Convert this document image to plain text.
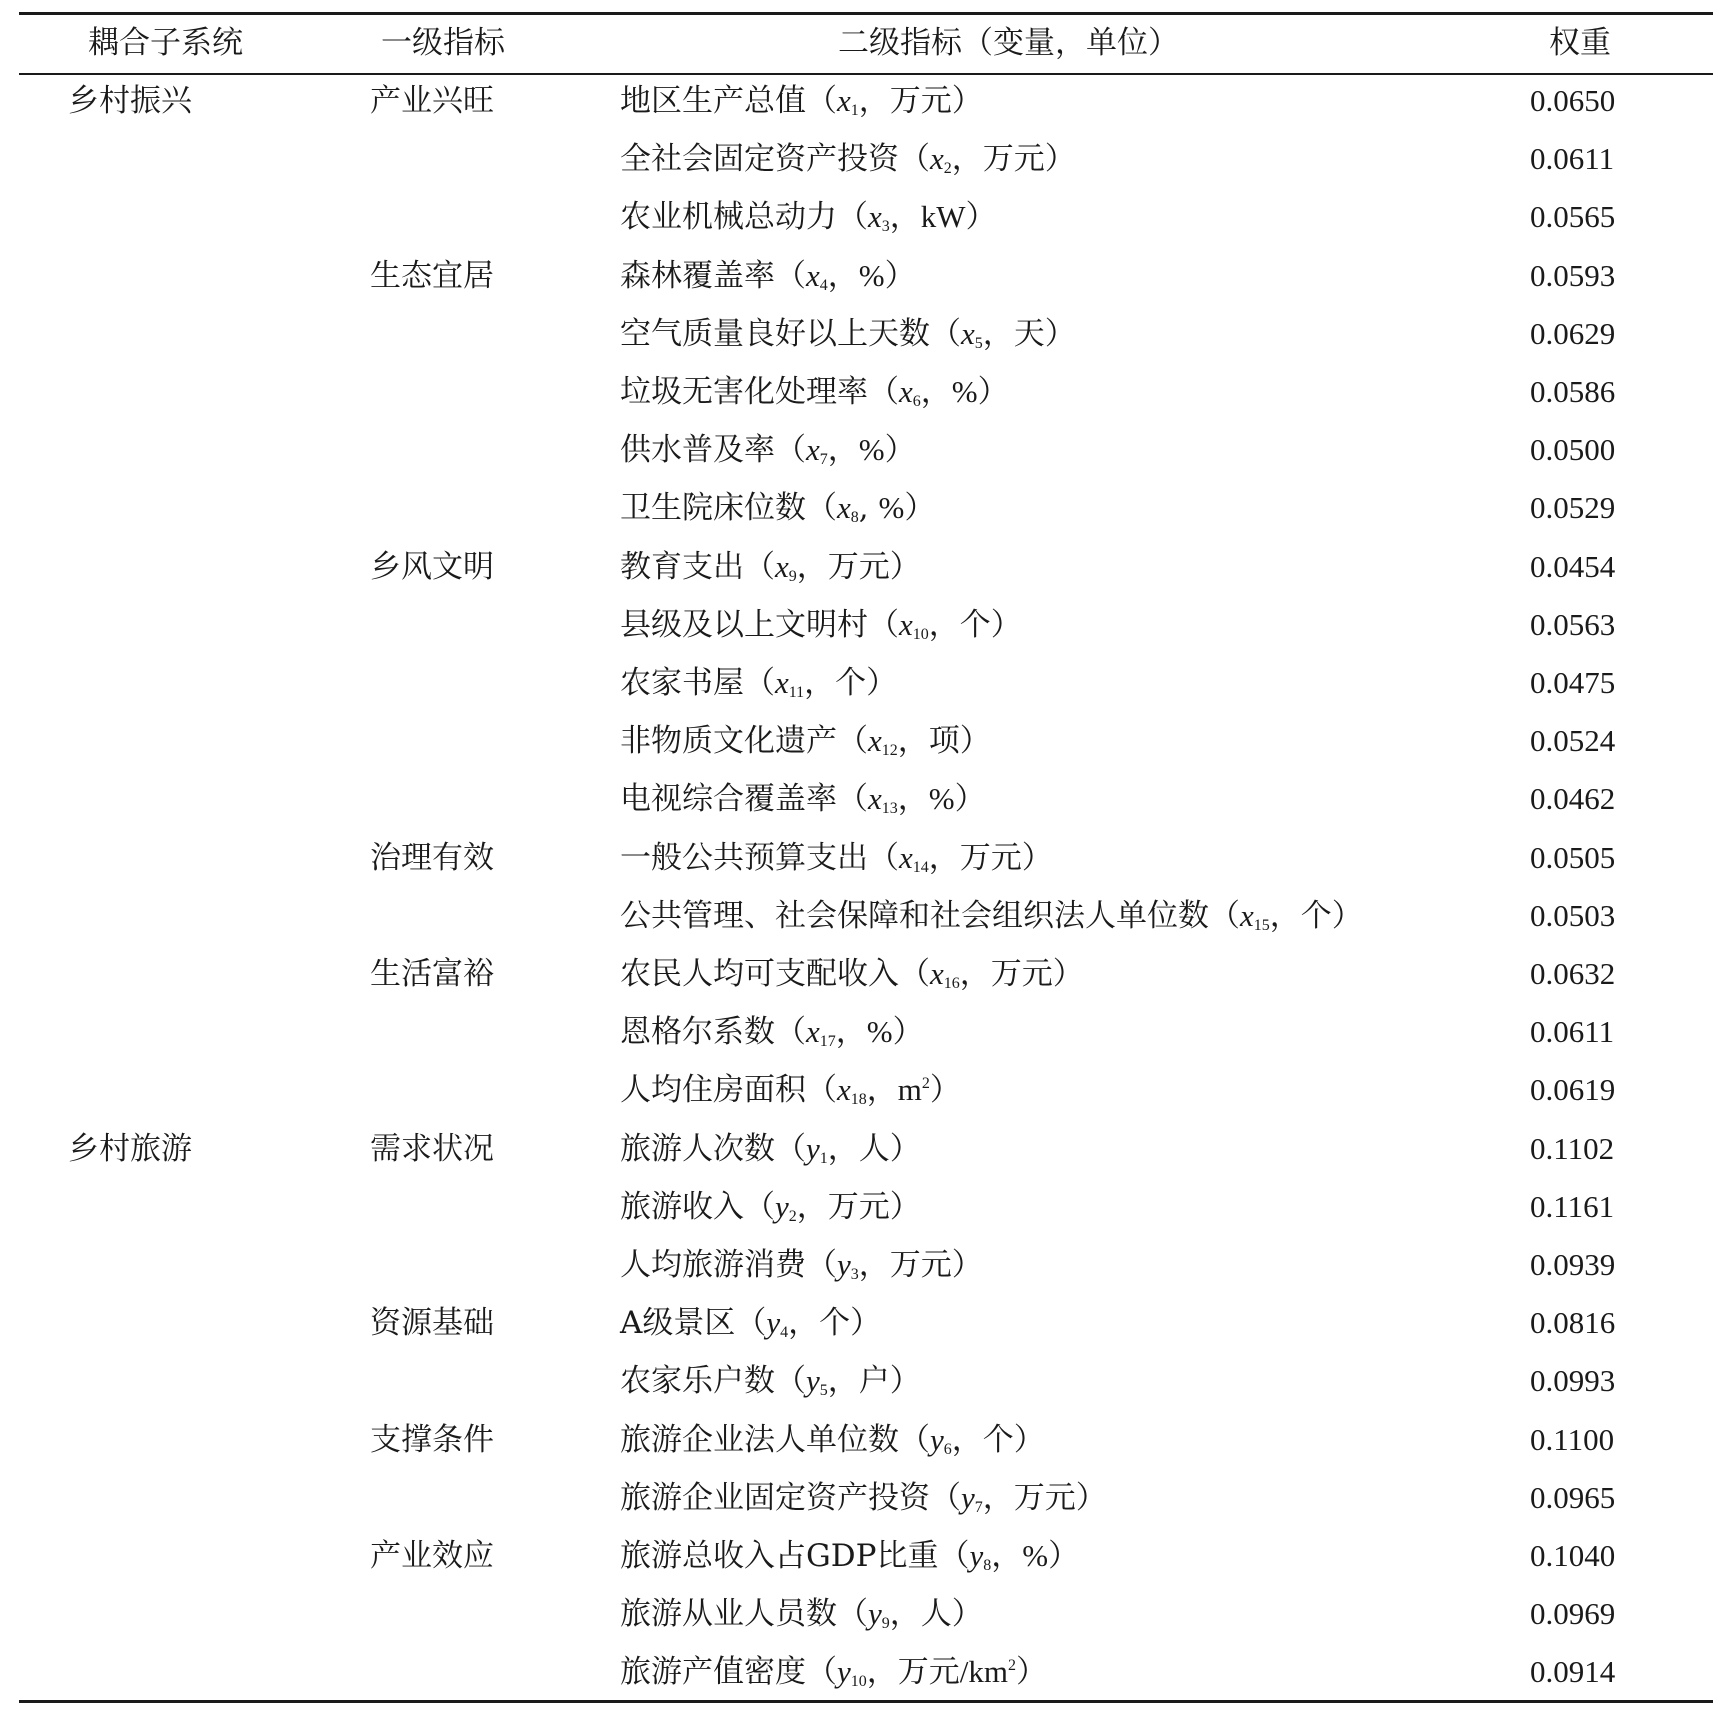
耦合子系统	一级指标	二级指标（变量，单位）	权重
乡村振兴	产业兴旺	地区生产总值（$x_1$，万元）	0.0650
全社会固定资产投资（$x_2$，万元）	0.0611
农业机械总动力（$x_3$，kW）	0.0565
生态宜居	森林覆盖率（$x_4$，%）	0.0593
空气质量良好以上天数（$x_5$，天）	0.0629
垃圾无害化处理率（$x_6$，%）	0.0586
供水普及率（$x_7$，%）	0.0500
卫生院床位数（$x_8$, %）	0.0529
乡风文明	教育支出（$x_9$，万元）	0.0454
县级及以上文明村（$x_{10}$，个）	0.0563
农家书屋（$x_{11}$，个）	0.0475
非物质文化遗产（$x_{12}$，项）	0.0524
电视综合覆盖率（$x_{13}$，%）	0.0462
治理有效	一般公共预算支出（$x_{14}$，万元）	0.0505
公共管理、社会保障和社会组织法人单位数（$x_{15}$，个）	0.0503
生活富裕	农民人均可支配收入（$x_{16}$，万元）	0.0632
恩格尔系数（$x_{17}$，%）	0.0611
人均住房面积（$x_{18}$，$m^2$）	0.0619
乡村旅游	需求状况	旅游人次数（$y_1$，人）	0.1102
旅游收入（$y_2$，万元）	0.1161
人均旅游消费（$y_3$，万元）	0.0939
资源基础	A级景区（$y_4$，个）	0.0816
农家乐户数（$y_5$，户）	0.0993
支撑条件	旅游企业法人单位数（$y_6$，个）	0.1100
旅游企业固定资产投资（$y_7$，万元）	0.0965
产业效应	旅游总收入占GDP比重（$y_8$，%）	0.1040
旅游从业人员数（$y_9$，人）	0.0969
旅游产值密度（$y_{10}$，万元$/km^2$）	0.0914
